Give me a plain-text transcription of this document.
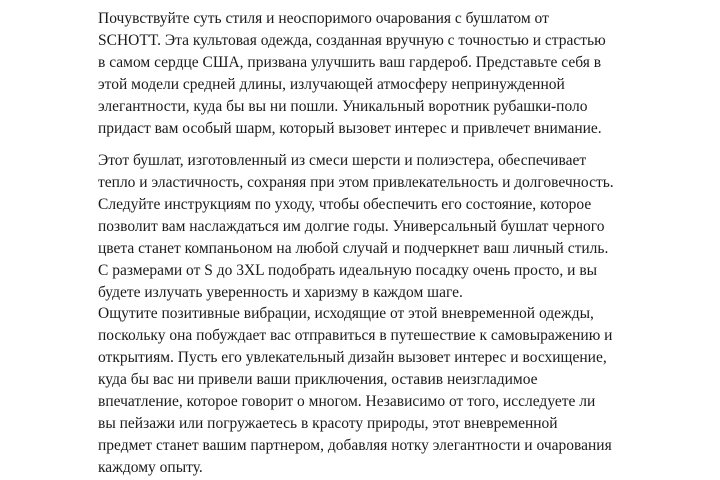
Почувствуйте суть стиля и неоспоримого очарования с бушлатом от

SCHOTT. Эта культовая одежда, созданная вручную с точностью и страстью

в самом сердце США, призвана улучшить ваш гардероб. Представьте себя в

этой модели средней длины, излучающей атмосферу непринужденной

элегантности, куда бы вы ни пошли. Уникальный воротник рубашки-поло

придаст вам особый шарм, который вызовет интерес и привлечет внимание.

Этот бушлат, изготовленный из смеси шерсти и полиэстера, обеспечивает

тепло и эластичность, сохраняя при этом привлекательность и долговечность.

Следуйте инструкциям по уходу, чтобы обеспечить его состояние, которое

позволит вам наслаждаться им долгие годы. Универсальный бушлат черного

цвета станет компаньоном на любой случай и подчеркнет ваш личный стиль.

С размерами от S до 3XL подобрать идеальную посадку очень просто, и вы

будете излучать уверенность и харизму в каждом шаге.

Ощутите позитивные вибрации, исходящие от этой вневременной одежды,

поскольку она побуждает вас отправиться в путешествие к самовыражению и

открытиям. Пусть его увлекательный дизайн вызовет интерес и восхищение,

куда бы вас ни привели ваши приключения, оставив неизгладимое

впечатление, которое говорит о многом. Независимо от того, исследуете ли

вы пейзажи или погружаетесь в красоту природы, этот вневременной

предмет станет вашим партнером, добавляя нотку элегантности и очарования

каждому опыту.
